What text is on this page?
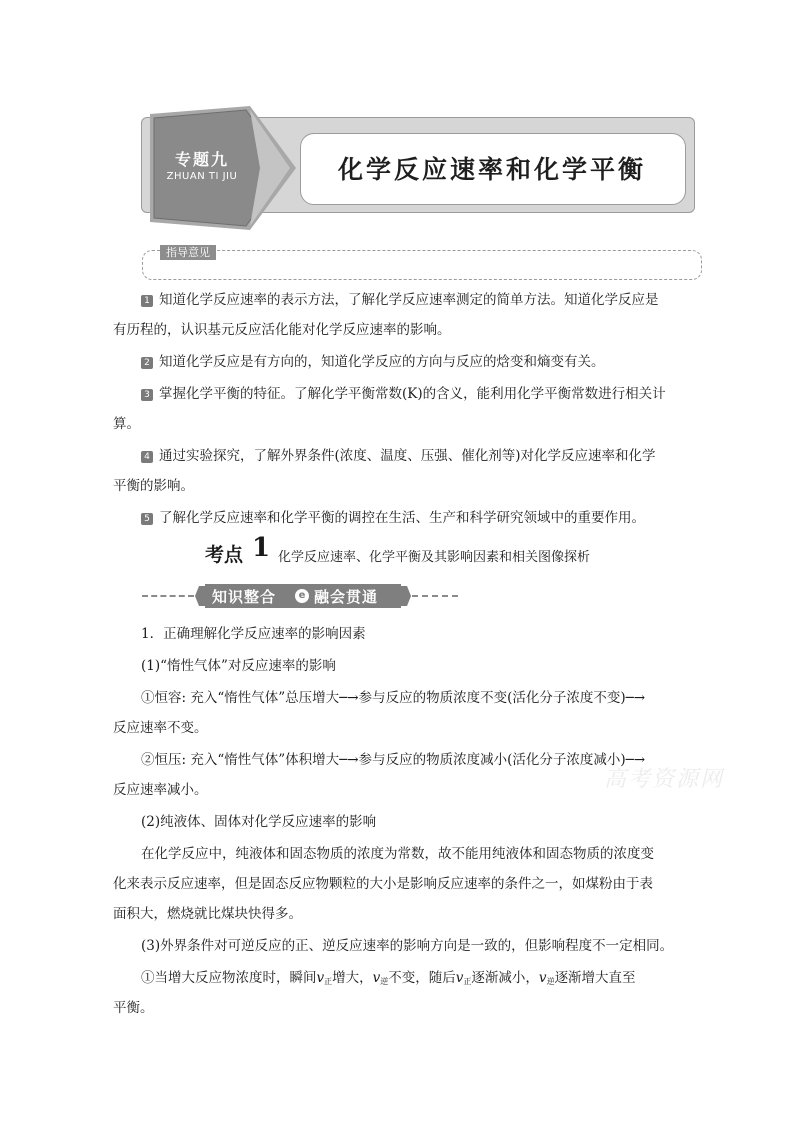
化学反应速率和化学平衡
专题九
ZHUAN TI JIU
指导意见
1 知道化学反应速率的表示方法，了解化学反应速率测定的简单方法。知道化学反应是
有历程的，认识基元反应活化能对化学反应速率的影响。
2 知道化学反应是有方向的，知道化学反应的方向与反应的焓变和熵变有关。
3 掌握化学平衡的特征。了解化学平衡常数(K)的含义，能利用化学平衡常数进行相关计
算。
4 通过实验探究，了解外界条件(浓度、温度、压强、催化剂等)对化学反应速率和化学
平衡的影响。
5 了解化学反应速率和化学平衡的调控在生活、生产和科学研究领域中的重要作用。
考点 1 化学反应速率、化学平衡及其影响因素和相关图像探析
知识整合	e 融会贯通
1．正确理解化学反应速率的影响因素
(1)“惰性气体”对反应速率的影响
①恒容: 充入“惰性气体”总压增大─→参与反应的物质浓度不变(活化分子浓度不变)─→
反应速率不变。
②恒压: 充入“惰性气体”体积增大─→参与反应的物质浓度减小(活化分子浓度减小)─→
反应速率减小。
(2)纯液体、固体对化学反应速率的影响
在化学反应中，纯液体和固态物质的浓度为常数，故不能用纯液体和固态物质的浓度变
化来表示反应速率，但是固态反应物颗粒的大小是影响反应速率的条件之一，如煤粉由于表
面积大，燃烧就比煤块快得多。
(3)外界条件对可逆反应的正、逆反应速率的影响方向是一致的，但影响程度不一定相同。
①当增大反应物浓度时，瞬间v正增大，v逆不变，随后v正逐渐减小，v逆逐渐增大直至
平衡。
高考资源网
